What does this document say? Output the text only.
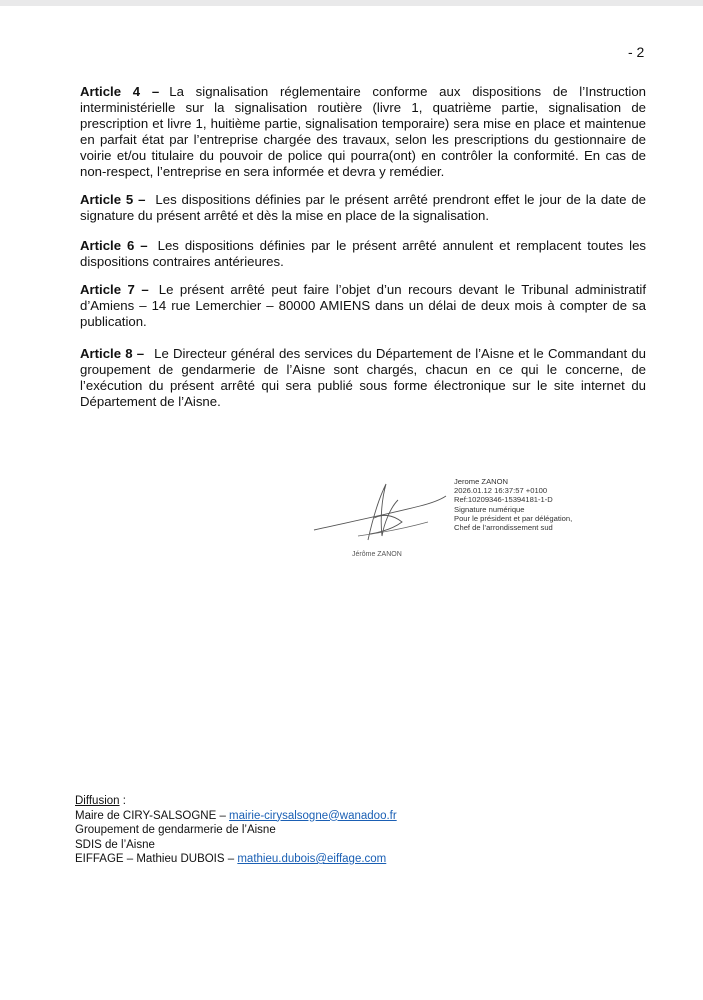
- 2
Article 4 – La signalisation réglementaire conforme aux dispositions de l’Instruction interministérielle sur la signalisation routière (livre 1, quatrième partie, signalisation de prescription et livre 1, huitième partie, signalisation temporaire) sera mise en place et maintenue en parfait état par l’entreprise chargée des travaux, selon les prescriptions du gestionnaire de voirie et/ou titulaire du pouvoir de police qui pourra(ont) en contrôler la conformité. En cas de non-respect, l’entreprise en sera informée et devra y remédier.
Article 5 – Les dispositions définies par le présent arrêté prendront effet le jour de la date de signature du présent arrêté et dès la mise en place de la signalisation.
Article 6 – Les dispositions définies par le présent arrêté annulent et remplacent toutes les dispositions contraires antérieures.
Article 7 – Le présent arrêté peut faire l’objet d’un recours devant le Tribunal administratif d’Amiens – 14 rue Lemerchier – 80000 AMIENS dans un délai de deux mois à compter de sa publication.
Article 8 – Le Directeur général des services du Département de l’Aisne et le Commandant du groupement de gendarmerie de l’Aisne sont chargés, chacun en ce qui le concerne, de l’exécution du présent arrêté qui sera publié sous forme électronique sur le site internet du Département de l’Aisne.
Jérôme ZANON
Jerome ZANON
2026.01.12 16:37:57 +0100
Ref:10209346-15394181-1-D
Signature numérique
Pour le président et par délégation,
Chef de l’arrondissement sud
Diffusion :
Maire de CIRY-SALSOGNE – mairie-cirysalsogne@wanadoo.fr
Groupement de gendarmerie de l’Aisne
SDIS de l’Aisne
EIFFAGE – Mathieu DUBOIS – mathieu.dubois@eiffage.com
